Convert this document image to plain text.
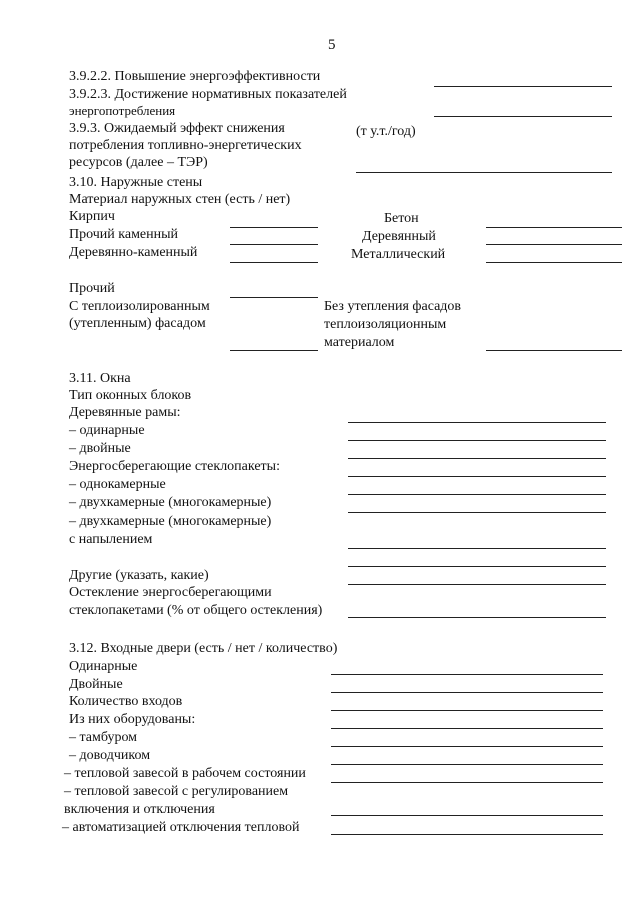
5
3.9.2.2. Повышение энергоэффективности
3.9.2.3. Достижение нормативных показателей
энергопотребления
3.9.3. Ожидаемый эффект снижения	(т у.т./год)
потребления топливно-энергетических
ресурсов (далее – ТЭР)
3.10. Наружные стены
Материал наружных стен (есть / нет)
Кирпич	Бетон
Прочий каменный	Деревянный
Деревянно-каменный	Металлический
Прочий
С теплоизолированным
(утепленным) фасадом
Без утепления фасадов
теплоизоляционным
материалом
3.11. Окна
Тип оконных блоков
Деревянные рамы:
– одинарные
– двойные
Энергосберегающие стеклопакеты:
– однокамерные
– двухкамерные (многокамерные)
– двухкамерные (многокамерные)
с напылением
Другие (указать, какие)
Остекление энергосберегающими
стеклопакетами (% от общего остекления)
3.12. Входные двери (есть / нет / количество)
Одинарные
Двойные
Количество входов
Из них оборудованы:
– тамбуром
– доводчиком
– тепловой завесой в рабочем состоянии
– тепловой завесой с регулированием
включения и отключения
– автоматизацией отключения тепловой
